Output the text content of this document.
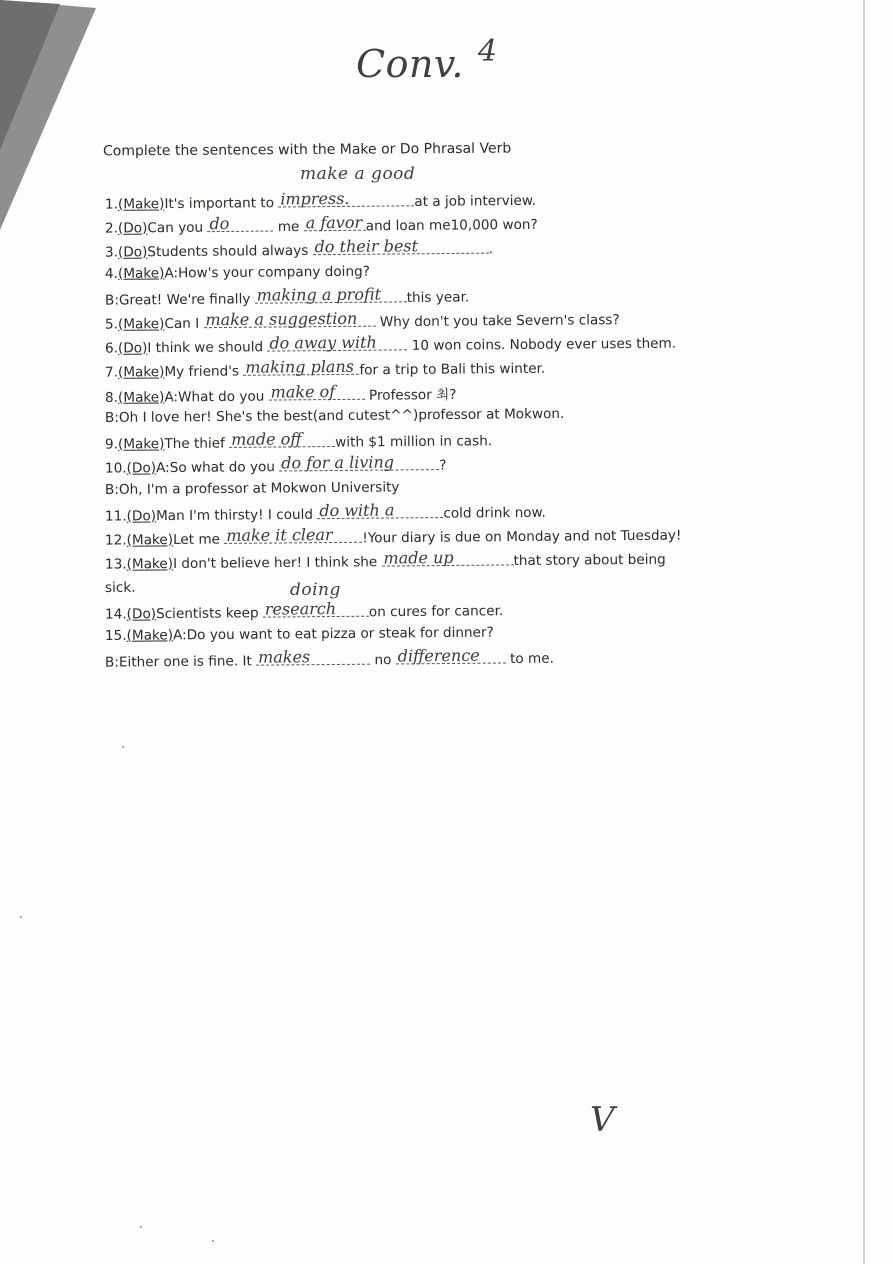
Conv. 4
Complete the sentences with the Make or Do Phrasal Verb
make a good
1.(Make)It's important to impress.	at a job interview.
2.(Do)Can you do	me a favor and loan me10,000 won?
3.(Do)Students should always do their best	.
4.(Make)A:How's your company doing?
B:Great! We're finally making a profit this year.
5.(Make)Can I make a suggestion Why don't you take Severn's class?
6.(Do)I think we should do away with 10 won coins. Nobody ever uses them.
7.(Make)My friend's making plans for a trip to Bali this winter.
8.(Make)A:What do you make of Professor 최?
B:Oh I love her! She's the best(and cutest^^)professor at Mokwon.
9.(Make)The thief made off with $1 million in cash.
10.(Do)A:So what do you do for a living	?
B:Oh, I'm a professor at Mokwon University
11.(Do)Man I'm thirsty! I could do with a	cold drink now.
12.(Make)Let me make it clear !Your diary is due on Monday and not Tuesday!
13.(Make)I don't believe her! I think she made up	that story about being
sick.	doing
14.(Do)Scientists keep research on cures for cancer.
15.(Make)A:Do you want to eat pizza or steak for dinner?
B:Either one is fine. It makes	no difference to me.
V
